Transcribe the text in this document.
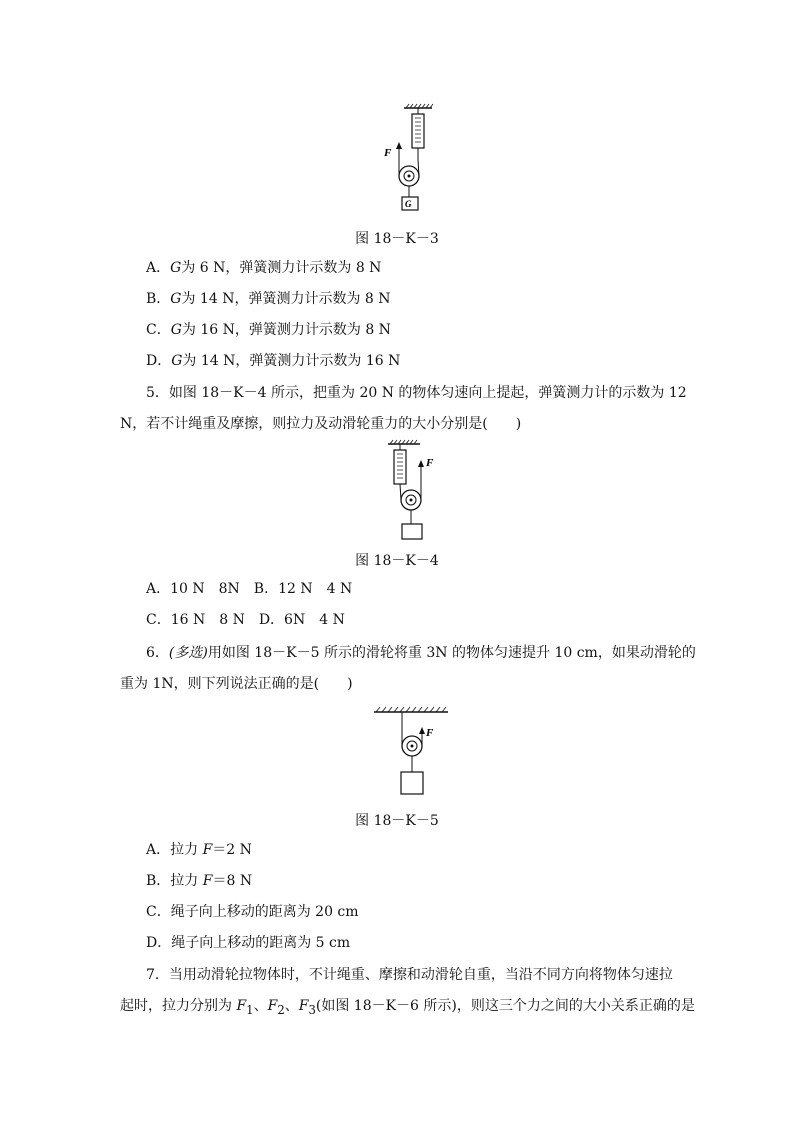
F
G
图 18－K－3
A．G为 6 N，弹簧测力计示数为 8 N
B．G为 14 N，弹簧测力计示数为 8 N
C．G为 16 N，弹簧测力计示数为 8 N
D．G为 14 N，弹簧测力计示数为 16 N
5．如图 18－K－4 所示，把重为 20 N 的物体匀速向上提起，弹簧测力计的示数为 12
N，若不计绳重及摩擦，则拉力及动滑轮重力的大小分别是(　　)
F
图 18－K－4
A．10 N　8N　B．12 N　4 N
C．16 N　8 N　D．6N　4 N
6．(多选)用如图 18－K－5 所示的滑轮将重 3N 的物体匀速提升 10 cm，如果动滑轮的
重为 1N，则下列说法正确的是(　　)
F
图 18－K－5
A．拉力 F＝2 N
B．拉力 F＝8 N
C．绳子向上移动的距离为 20 cm
D．绳子向上移动的距离为 5 cm
7．当用动滑轮拉物体时，不计绳重、摩擦和动滑轮自重，当沿不同方向将物体匀速拉
起时，拉力分别为 $F_1$、$F_2$、$F_3$(如图 18－K－6 所示)，则这三个力之间的大小关系正确的是
